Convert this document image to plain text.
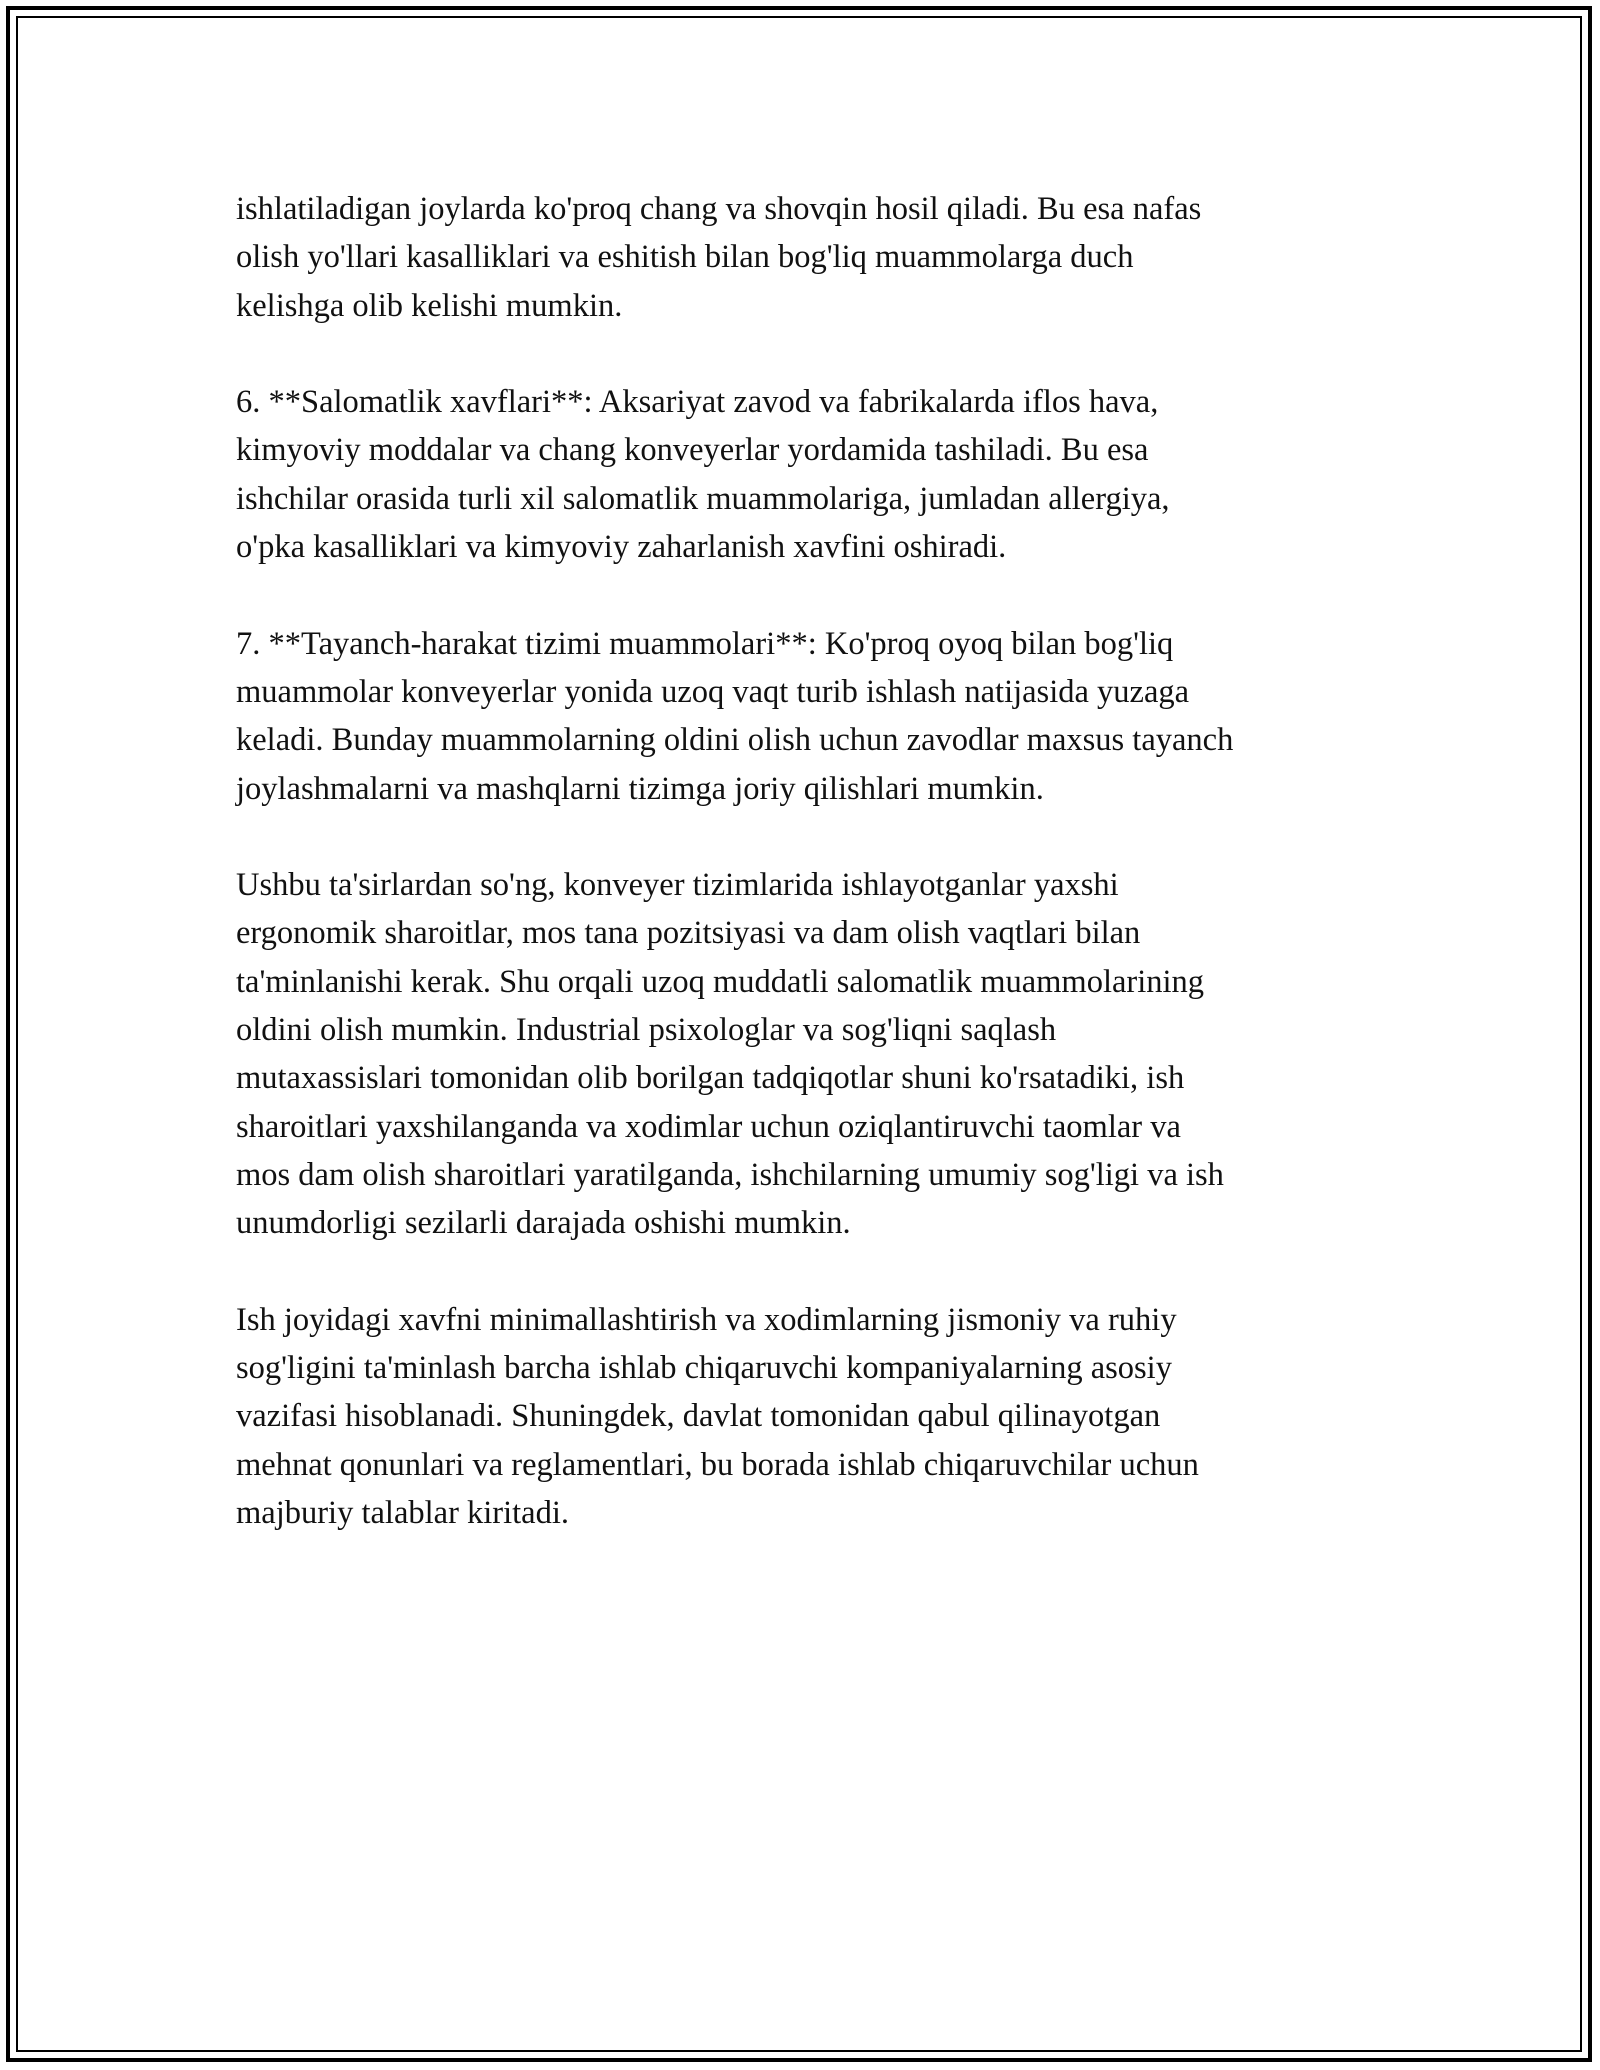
ishlatiladigan joylarda ko'proq chang va shovqin hosil qiladi. Bu esa nafas
olish yo'llari kasalliklari va eshitish bilan bog'liq muammolarga duch
kelishga olib kelishi mumkin.

6. **Salomatlik xavflari**: Aksariyat zavod va fabrikalarda iflos hava,
kimyoviy moddalar va chang konveyerlar yordamida tashiladi. Bu esa
ishchilar orasida turli xil salomatlik muammolariga, jumladan allergiya,
o'pka kasalliklari va kimyoviy zaharlanish xavfini oshiradi.

7. **Tayanch-harakat tizimi muammolari**: Ko'proq oyoq bilan bog'liq
muammolar konveyerlar yonida uzoq vaqt turib ishlash natijasida yuzaga
keladi. Bunday muammolarning oldini olish uchun zavodlar maxsus tayanch
joylashmalarni va mashqlarni tizimga joriy qilishlari mumkin.

Ushbu ta'sirlardan so'ng, konveyer tizimlarida ishlayotganlar yaxshi
ergonomik sharoitlar, mos tana pozitsiyasi va dam olish vaqtlari bilan
ta'minlanishi kerak. Shu orqali uzoq muddatli salomatlik muammolarining
oldini olish mumkin. Industrial psixologlar va sog'liqni saqlash
mutaxassislari tomonidan olib borilgan tadqiqotlar shuni ko'rsatadiki, ish
sharoitlari yaxshilanganda va xodimlar uchun oziqlantiruvchi taomlar va
mos dam olish sharoitlari yaratilganda, ishchilarning umumiy sog'ligi va ish
unumdorligi sezilarli darajada oshishi mumkin.

Ish joyidagi xavfni minimallashtirish va xodimlarning jismoniy va ruhiy
sog'ligini ta'minlash barcha ishlab chiqaruvchi kompaniyalarning asosiy
vazifasi hisoblanadi. Shuningdek, davlat tomonidan qabul qilinayotgan
mehnat qonunlari va reglamentlari, bu borada ishlab chiqaruvchilar uchun
majburiy talablar kiritadi.
